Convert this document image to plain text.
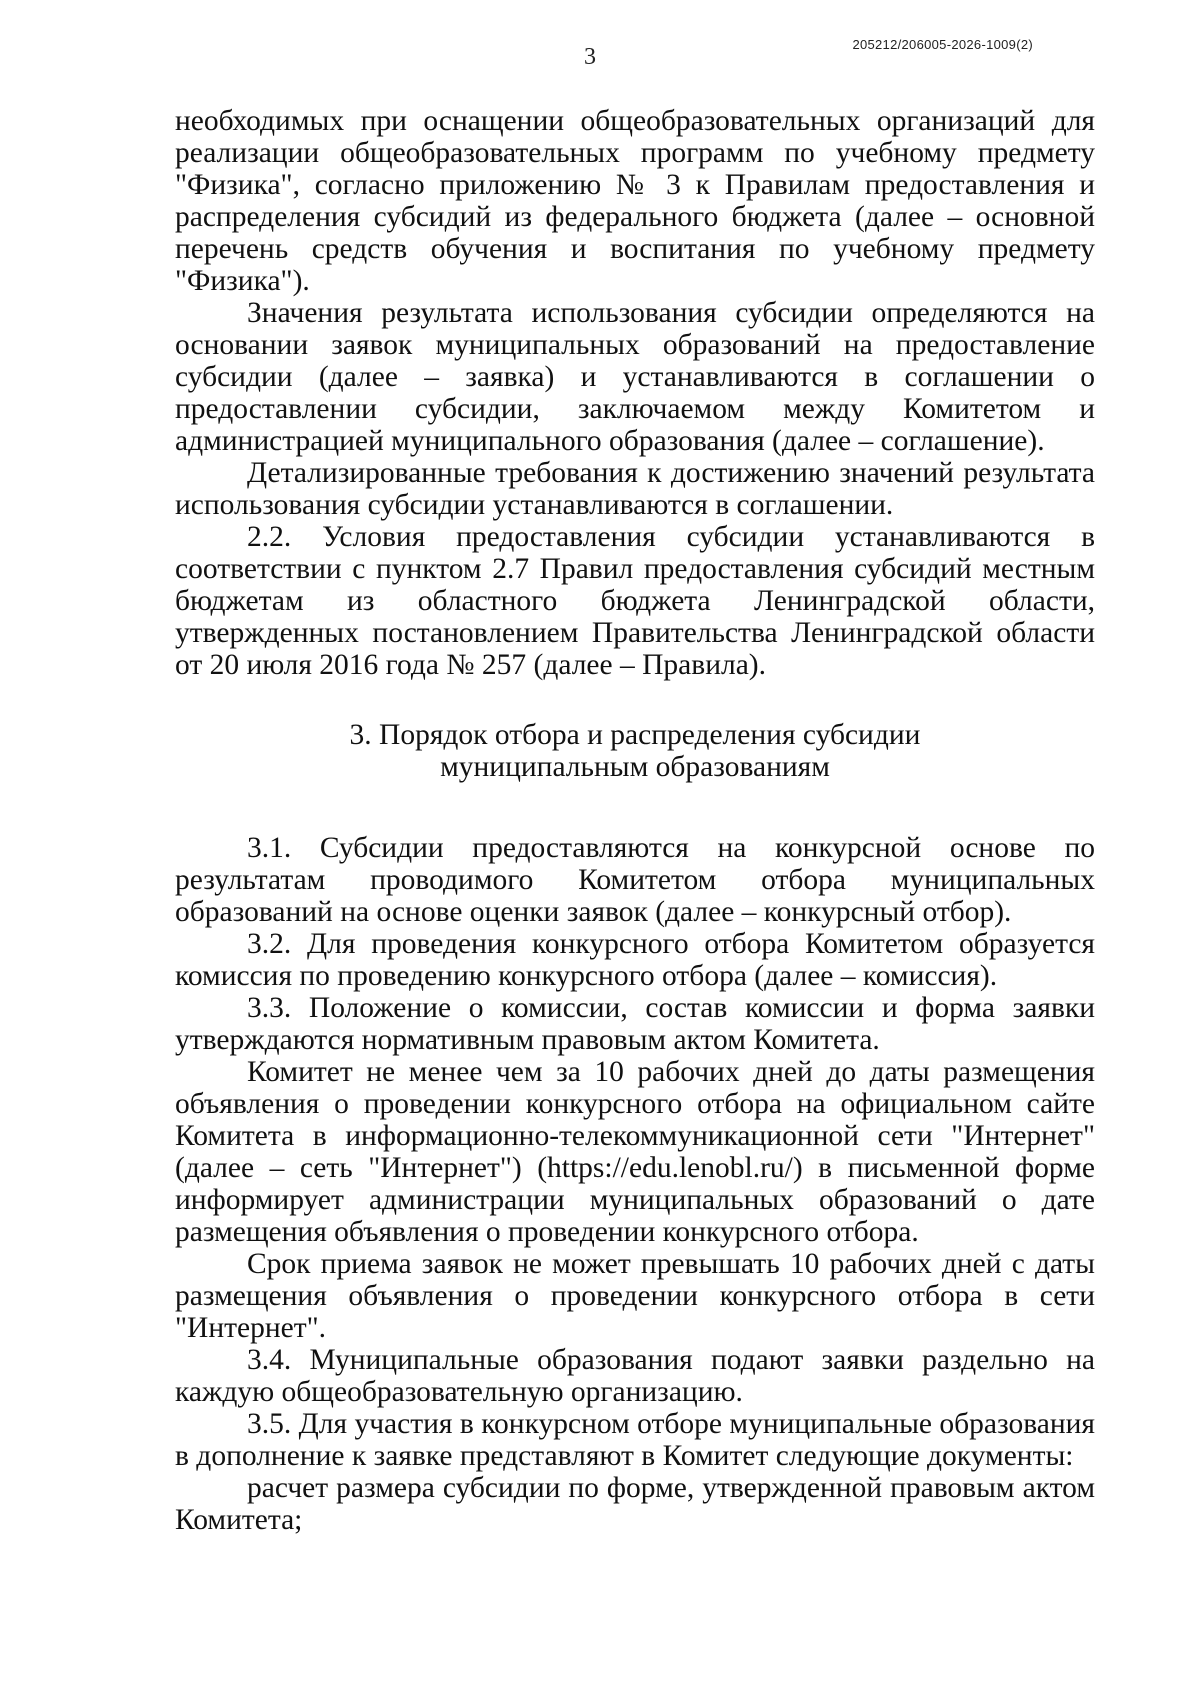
205212/206005-2026-1009(2)
3

необходимых при оснащении общеобразовательных организаций для реализации общеобразовательных программ по учебному предмету "Физика", согласно приложению № 3 к Правилам предоставления и распределения субсидий из федерального бюджета (далее – основной перечень средств обучения и воспитания по учебному предмету "Физика").

Значения результата использования субсидии определяются на основании заявок муниципальных образований на предоставление субсидии (далее – заявка) и устанавливаются в соглашении о предоставлении субсидии, заключаемом между Комитетом и администрацией муниципального образования (далее – соглашение).

Детализированные требования к достижению значений результата использования субсидии устанавливаются в соглашении.

2.2. Условия предоставления субсидии устанавливаются в соответствии с пунктом 2.7 Правил предоставления субсидий местным бюджетам из областного бюджета Ленинградской области, утвержденных постановлением Правительства Ленинградской области от 20 июля 2016 года № 257 (далее – Правила).

3. Порядок отбора и распределения субсидии
муниципальным образованиям

3.1. Субсидии предоставляются на конкурсной основе по результатам проводимого Комитетом отбора муниципальных образований на основе оценки заявок (далее – конкурсный отбор).

3.2. Для проведения конкурсного отбора Комитетом образуется комиссия по проведению конкурсного отбора (далее – комиссия).

3.3. Положение о комиссии, состав комиссии и форма заявки утверждаются нормативным правовым актом Комитета.

Комитет не менее чем за 10 рабочих дней до даты размещения объявления о проведении конкурсного отбора на официальном сайте Комитета в информационно-телекоммуникационной сети "Интернет" (далее – сеть "Интернет") (https://edu.lenobl.ru/) в письменной форме информирует администрации муниципальных образований о дате размещения объявления о проведении конкурсного отбора.

Срок приема заявок не может превышать 10 рабочих дней с даты размещения объявления о проведении конкурсного отбора в сети "Интернет".

3.4. Муниципальные образования подают заявки раздельно на каждую общеобразовательную организацию.

3.5. Для участия в конкурсном отборе муниципальные образования в дополнение к заявке представляют в Комитет следующие документы:

расчет размера субсидии по форме, утвержденной правовым актом Комитета;
